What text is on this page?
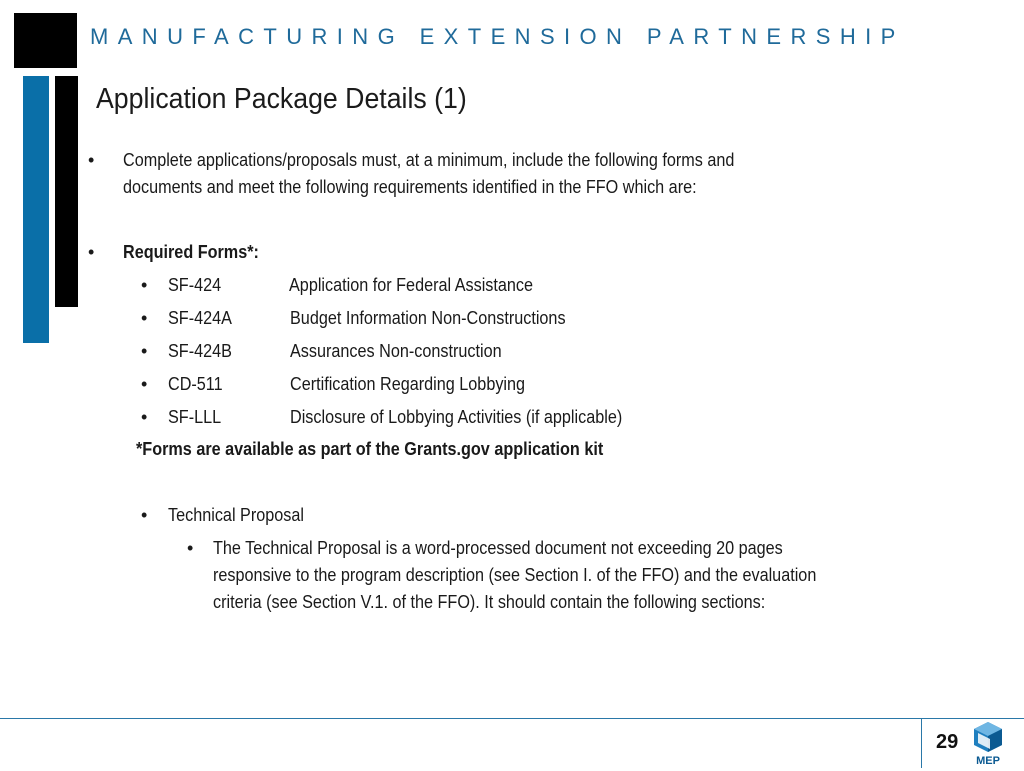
MANUFACTURING EXTENSION PARTNERSHIP
Application Package Details (1)
• Complete applications/proposals must, at a minimum, include the following forms and
documents and meet the following requirements identified in the FFO which are:
• Required Forms*:
• SF-424	Application for Federal Assistance
• SF-424A	Budget Information Non-Constructions
• SF-424B	Assurances Non-construction
• CD-511	Certification Regarding Lobbying
• SF-LLL	Disclosure of Lobbying Activities (if applicable)
*Forms are available as part of the Grants.gov application kit
• Technical Proposal
• The Technical Proposal is a word-processed document not exceeding 20 pages
responsive to the program description (see Section I. of the FFO) and the evaluation
criteria (see Section V.1. of the FFO). It should contain the following sections:
29
MEP
